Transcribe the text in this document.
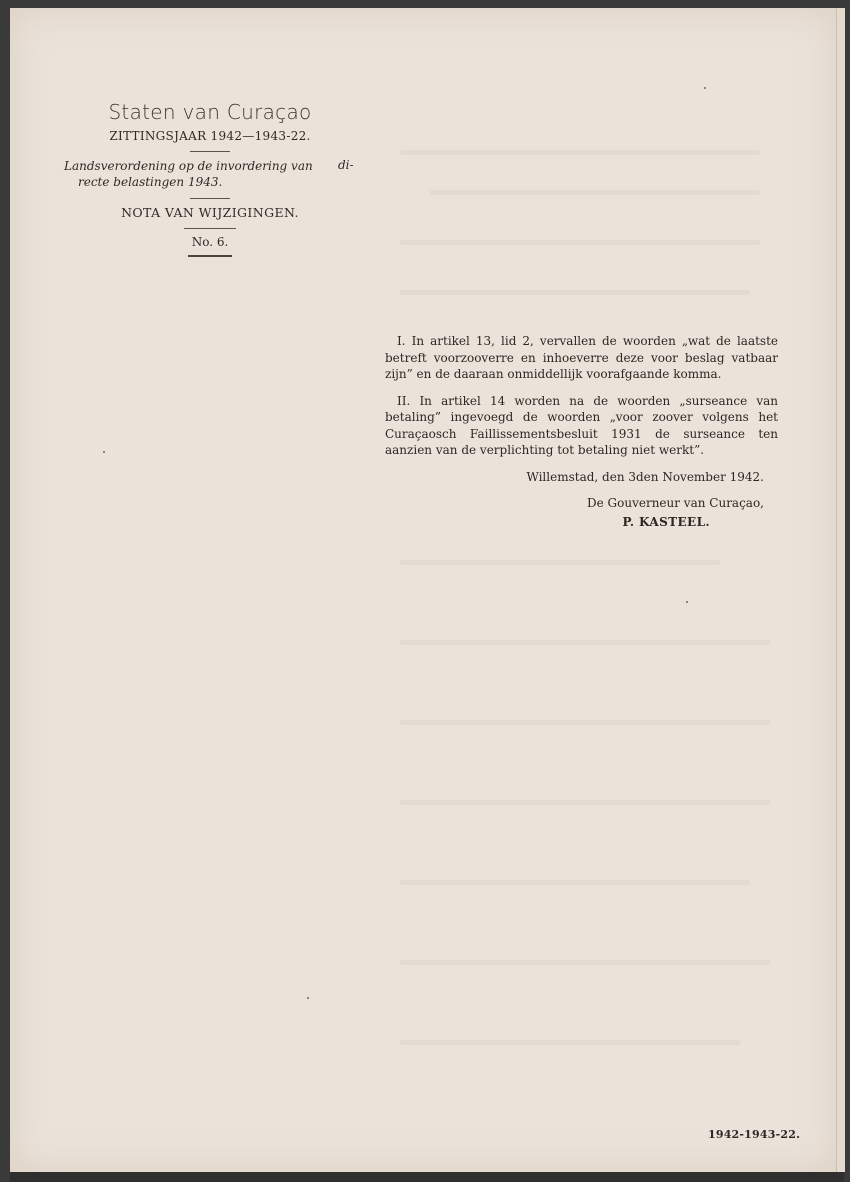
Staten van Curaçao
ZITTINGSJAAR 1942—1943-22.
Landsverordening op de invordering van	di-
recte belastingen 1943.
NOTA VAN WIJZIGINGEN.
No. 6.

I. In artikel 13, lid 2, vervallen de woorden „wat de laatste betreft voorzooverre en inhoeverre deze voor beslag vatbaar zijn” en de daaraan onmiddellijk voorafgaande komma.

II. In artikel 14 worden na de woorden „surseance van betaling” ingevoegd de woorden „voor zoover volgens het Curaçaosch Faillissementsbesluit 1931 de surseance ten aanzien van de verplichting tot betaling niet werkt”.

Willemstad, den 3den November 1942.
De Gouverneur van Curaçao,
P. KASTEEL.
1942-1943-22.
